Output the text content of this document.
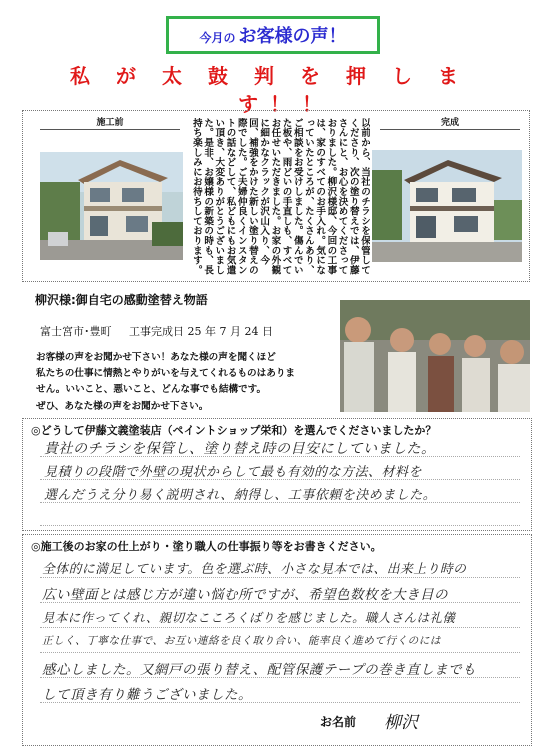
今月の お客様の声！
私が太鼓判を押しま
す！！
施工前	完成
以前から、当社のチラシを保管してくださり、次の塗り替えでは、伊藤さんにと、お心を決めてくださっておりました。柳沢様邸、今回の工事は、家のすべてのお手入れ。気になっていたところが、たくさんあり、ご相談をお受けしました。傷んでいた板や、雨どいの手直しも、すべてお任せいただきました。お家の外観に細かなクラックが沢山入り、今回、補強をかけた新しい塗り替えの際でした。ご夫婦仲良くインスタントの話などして、私どもにもお気遣い頂き、大変ありがとうございました。是非、お嬢様の新築の時も、長持ち楽しみにお待ちしております。
柳沢様:御自宅の感動塗替え物語
富士宮市･豊町 工事完成日 25 年 7 月 24 日
お客様の声をお聞かせ下さい！あなた様の声を聞くほど
私たちの仕事に情熱とやりがいを与えてくれるものはありま
せん。いいこと、悪いこと、どんな事でも結構です。
ぜひ、あなた様の声をお聞かせ下さい。
◎どうして伊藤文義塗装店（ペイントショップ栄和）を選んでくださいましたか？
貴社のチラシを保管し、塗り替え時の目安にしていました。
見積りの段階で外壁の現状からして最も有効的な方法、材料を
選んだうえ分り易く説明され、納得し、工事依頼を決めました。
◎施工後のお家の仕上がり・塗り職人の仕事振り等をお書きください。
全体的に満足しています。色を選ぶ時、小さな見本では、出来上り時の
広い壁面とは感じ方が違い悩む所ですが、希望色数枚を大き目の
見本に作ってくれ、親切なこころくばりを感じました。職人さんは礼儀
正しく、丁寧な仕事で、お互い連絡を良く取り合い、能率良く進めて行くのには
感心しました。又網戸の張り替え、配管保護テープの巻き直しまでも
して頂き有り難うございました。
お名前 柳沢
